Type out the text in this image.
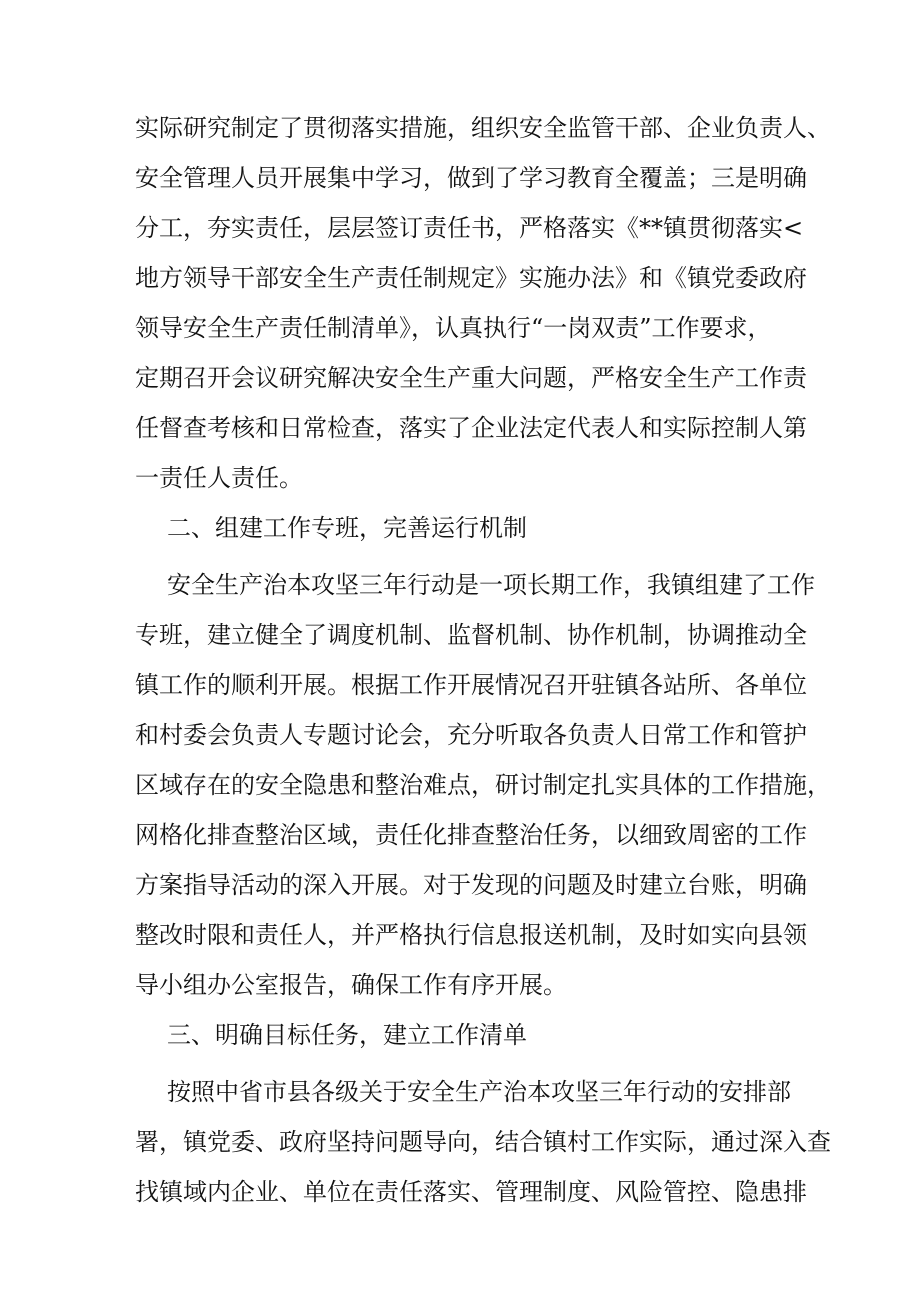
实际研究制定了贯彻落实措施，组织安全监管干部、企业负责人、
安全管理人员开展集中学习，做到了学习教育全覆盖；三是明确
分工，夯实责任，层层签订责任书，严格落实《**镇贯彻落实<
地方领导干部安全生产责任制规定》实施办法》和《镇党委政府
领导安全生产责任制清单》，认真执行“一岗双责”工作要求，
定期召开会议研究解决安全生产重大问题，严格安全生产工作责
任督查考核和日常检查，落实了企业法定代表人和实际控制人第
一责任人责任。
二、组建工作专班，完善运行机制
安全生产治本攻坚三年行动是一项长期工作，我镇组建了工作
专班，建立健全了调度机制、监督机制、协作机制，协调推动全
镇工作的顺利开展。根据工作开展情况召开驻镇各站所、各单位
和村委会负责人专题讨论会，充分听取各负责人日常工作和管护
区域存在的安全隐患和整治难点，研讨制定扎实具体的工作措施，
网格化排查整治区域，责任化排查整治任务，以细致周密的工作
方案指导活动的深入开展。对于发现的问题及时建立台账，明确
整改时限和责任人，并严格执行信息报送机制，及时如实向县领
导小组办公室报告，确保工作有序开展。
三、明确目标任务，建立工作清单
按照中省市县各级关于安全生产治本攻坚三年行动的安排部
署，镇党委、政府坚持问题导向，结合镇村工作实际，通过深入查
找镇域内企业、单位在责任落实、管理制度、风险管控、隐患排
